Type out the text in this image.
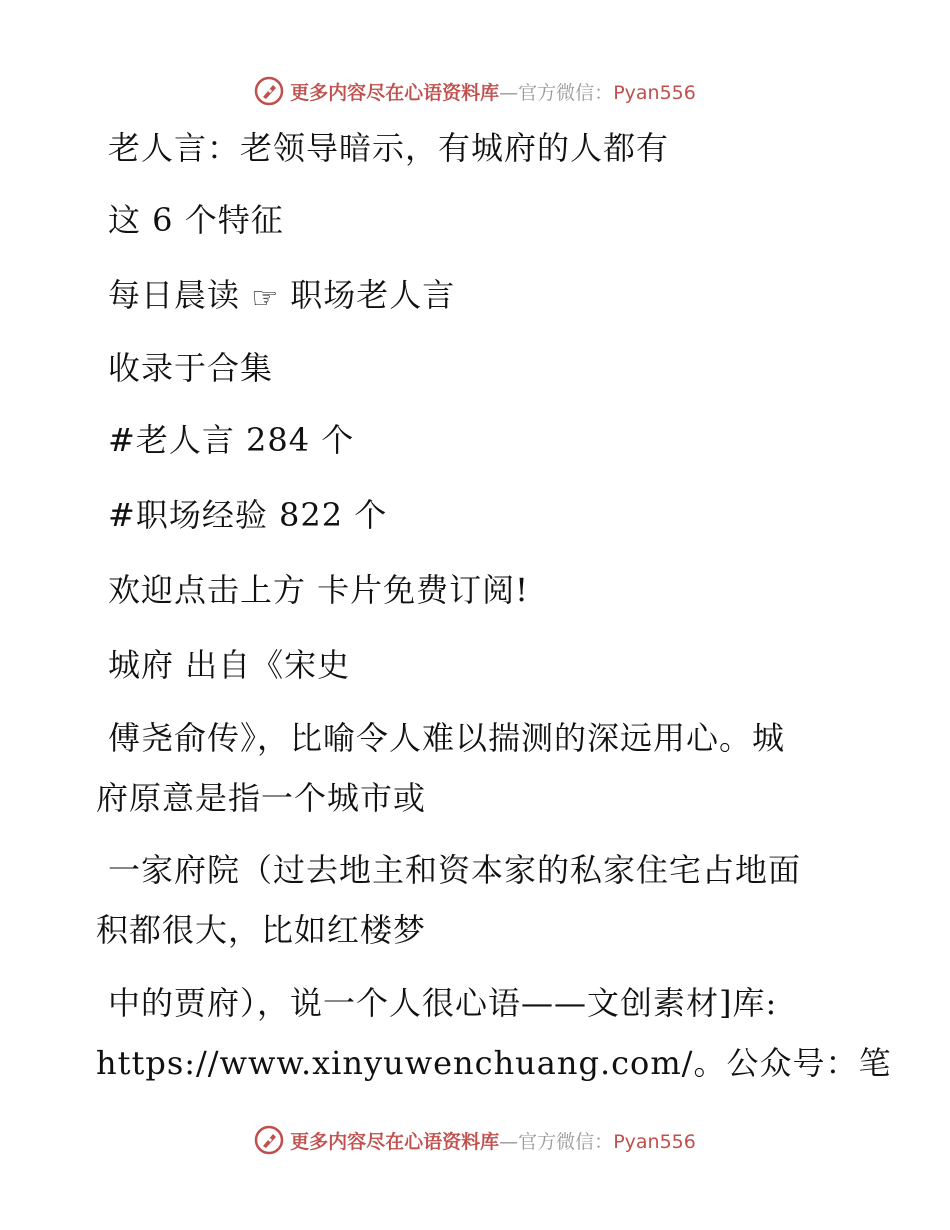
更多内容尽在心语资料库—官方微信：Pyan556
老人言：老领导暗示，有城府的人都有
这 6 个特征
每日晨读 ☞ 职场老人言
收录于合集
#老人言 284 个
#职场经验 822 个
欢迎点击上方 卡片免费订阅!
城府 出自《宋史
傅尧俞传》，比喻令人难以揣测的深远用心。城
府原意是指一个城市或
一家府院（过去地主和资本家的私家住宅占地面
积都很大，比如红楼梦
中的贾府），说一个人很心语——文创素材]库:
https://www.xinyuwenchuang.com/。公众号：笔
更多内容尽在心语资料库—官方微信：Pyan556
